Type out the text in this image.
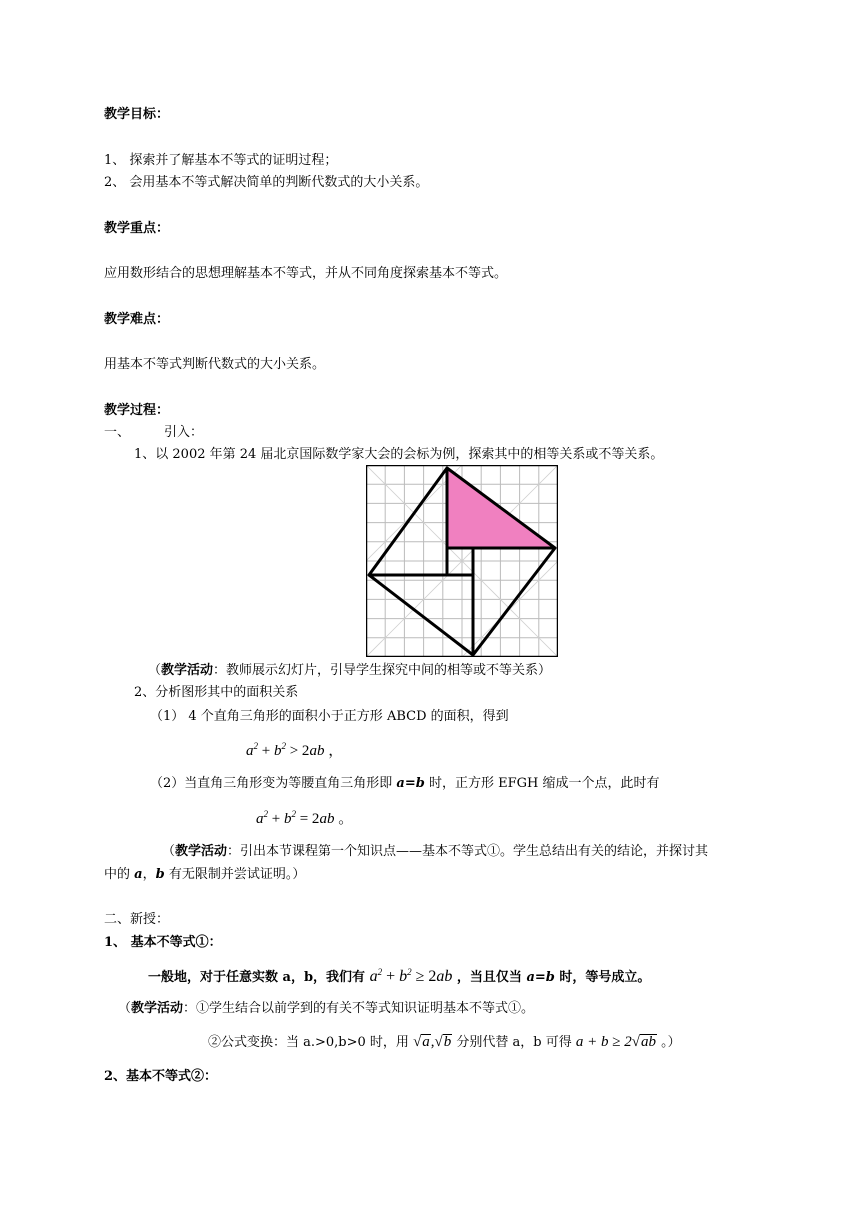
教学目标：
1、 探索并了解基本不等式的证明过程；
2、 会用基本不等式解决简单的判断代数式的大小关系。
教学重点：
应用数形结合的思想理解基本不等式，并从不同角度探索基本不等式。
教学难点：
用基本不等式判断代数式的大小关系。
教学过程：
一、	引入：
1、以 2002 年第 24 届北京国际数学家大会的会标为例，探索其中的相等关系或不等关系。
（教学活动：教师展示幻灯片，引导学生探究中间的相等或不等关系）
2、分析图形其中的面积关系
（1） 4 个直角三角形的面积小于正方形 ABCD 的面积，得到
$a^2 + b^2 > 2ab$ ，
（2）当直角三角形变为等腰直角三角形即 a=b 时，正方形 EFGH 缩成一个点，此时有
$a^2 + b^2 = 2ab$ 。
（教学活动：引出本节课程第一个知识点——基本不等式①。学生总结出有关的结论，并探讨其
中的 a，b 有无限制并尝试证明。）
二、新授：
1、 基本不等式①：
一般地，对于任意实数 a，b，我们有 $a^2 + b^2 \ge 2ab$ ，当且仅当 a=b 时，等号成立。
（教学活动：①学生结合以前学到的有关不等式知识证明基本不等式①。
②公式变换：当 a.>0,b>0 时，用 √a,√b 分别代替 a，b 可得 a + b ≥ 2√ab 。）
2、基本不等式②：
